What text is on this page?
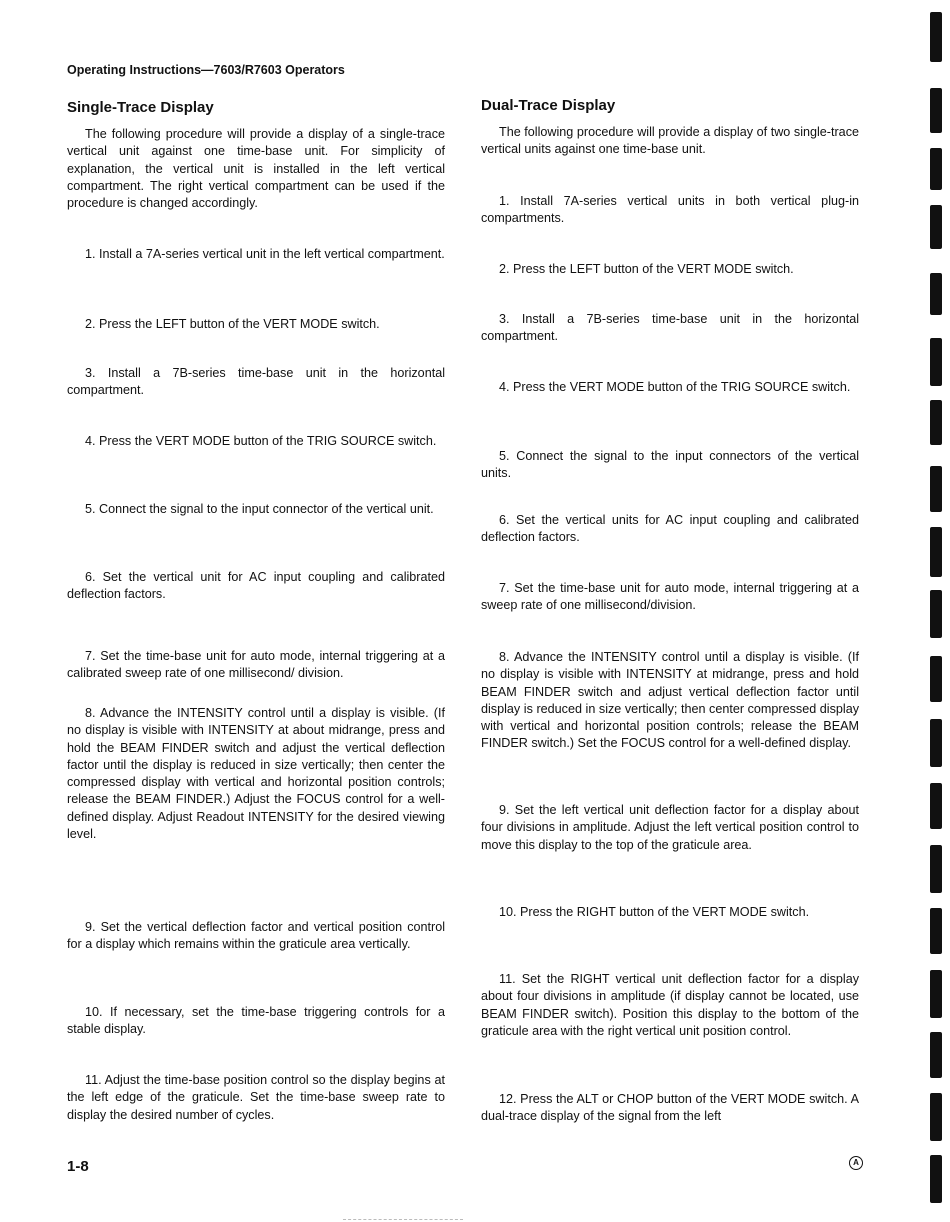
Operating Instructions—7603/R7603 Operators
Single-Trace Display

The following procedure will provide a display of a single-trace vertical unit against one time-base unit. For simplicity of explanation, the vertical unit is installed in the left vertical compartment. The right vertical compartment can be used if the procedure is changed accordingly.

1. Install a 7A-series vertical unit in the left vertical compartment.

2. Press the LEFT button of the VERT MODE switch.

3. Install a 7B-series time-base unit in the horizontal compartment.

4. Press the VERT MODE button of the TRIG SOURCE switch.

5. Connect the signal to the input connector of the vertical unit.

6. Set the vertical unit for AC input coupling and calibrated deflection factors.

7. Set the time-base unit for auto mode, internal triggering at a calibrated sweep rate of one millisecond/ division.

8. Advance the INTENSITY control until a display is visible. (If no display is visible with INTENSITY at about midrange, press and hold the BEAM FINDER switch and adjust the vertical deflection factor until the display is reduced in size vertically; then center the compressed display with vertical and horizontal position controls; release the BEAM FINDER.) Adjust the FOCUS control for a well-defined display. Adjust Readout INTENSITY for the desired viewing level.

9. Set the vertical deflection factor and vertical position control for a display which remains within the graticule area vertically.

10. If necessary, set the time-base triggering controls for a stable display.

11. Adjust the time-base position control so the display begins at the left edge of the graticule. Set the time-base sweep rate to display the desired number of cycles.

Dual-Trace Display

The following procedure will provide a display of two single-trace vertical units against one time-base unit.

1. Install 7A-series vertical units in both vertical plug-in compartments.

2. Press the LEFT button of the VERT MODE switch.

3. Install a 7B-series time-base unit in the horizontal compartment.

4. Press the VERT MODE button of the TRIG SOURCE switch.

5. Connect the signal to the input connectors of the vertical units.

6. Set the vertical units for AC input coupling and calibrated deflection factors.

7. Set the time-base unit for auto mode, internal triggering at a sweep rate of one millisecond/division.

8. Advance the INTENSITY control until a display is visible. (If no display is visible with INTENSITY at midrange, press and hold BEAM FINDER switch and adjust vertical deflection factor until display is reduced in size vertically; then center compressed display with vertical and horizontal position controls; release the BEAM FINDER switch.) Set the FOCUS control for a well-defined display.

9. Set the left vertical unit deflection factor for a display about four divisions in amplitude. Adjust the left vertical position control to move this display to the top of the graticule area.

10. Press the RIGHT button of the VERT MODE switch.

11. Set the RIGHT vertical unit deflection factor for a display about four divisions in amplitude (if display cannot be located, use BEAM FINDER switch). Position this display to the bottom of the graticule area with the right vertical unit position control.

12. Press the ALT or CHOP button of the VERT MODE switch. A dual-trace display of the signal from the left

1-8	A
